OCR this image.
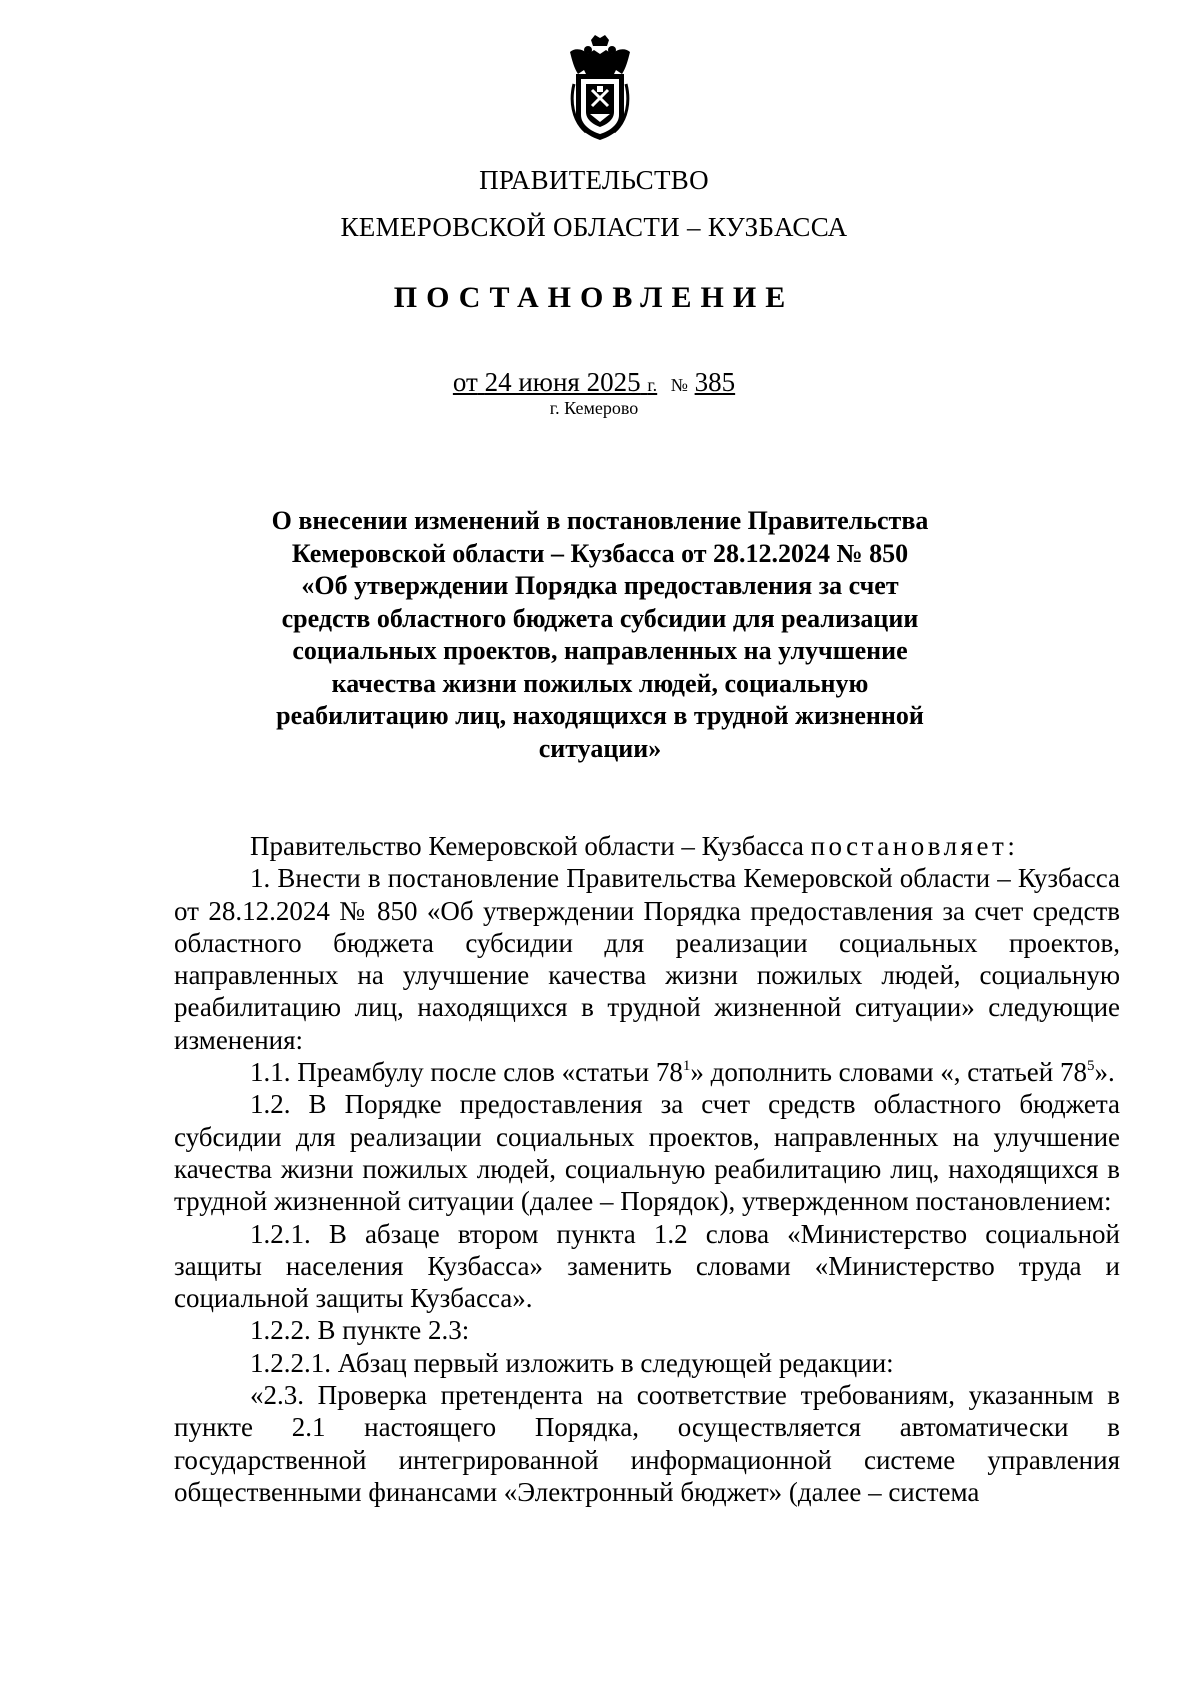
ПРАВИТЕЛЬСТВО
КЕМЕРОВСКОЙ ОБЛАСТИ – КУЗБАССА
ПОСТАНОВЛЕНИЕ
от 24 июня 2025 г. № 385
г. Кемерово
О внесении изменений в постановление Правительства
Кемеровской области – Кузбасса от 28.12.2024 № 850
«Об утверждении Порядка предоставления за счет
средств областного бюджета субсидии для реализации
социальных проектов, направленных на улучшение
качества жизни пожилых людей, социальную
реабилитацию лиц, находящихся в трудной жизненной
ситуации»

Правительство Кемеровской области – Кузбасса постановляет:

1. Внести в постановление Правительства Кемеровской области – Кузбасса от 28.12.2024 № 850 «Об утверждении Порядка предоставления за счет средств областного бюджета субсидии для реализации социальных проектов, направленных на улучшение качества жизни пожилых людей, социальную реабилитацию лиц, находящихся в трудной жизненной ситуации» следующие изменения:

1.1. Преамбулу после слов «статьи $78^1$» дополнить словами «, статьей $78^5$».

1.2. В Порядке предоставления за счет средств областного бюджета субсидии для реализации социальных проектов, направленных на улучшение качества жизни пожилых людей, социальную реабилитацию лиц, находящихся в трудной жизненной ситуации (далее – Порядок), утвержденном постановлением:

1.2.1. В абзаце втором пункта 1.2 слова «Министерство социальной защиты населения Кузбасса» заменить словами «Министерство труда и социальной защиты Кузбасса».

1.2.2. В пункте 2.3:

1.2.2.1. Абзац первый изложить в следующей редакции:

«2.3. Проверка претендента на соответствие требованиям, указанным в пункте 2.1 настоящего Порядка, осуществляется автоматически в государственной интегрированной информационной системе управления общественными финансами «Электронный бюджет» (далее – система
